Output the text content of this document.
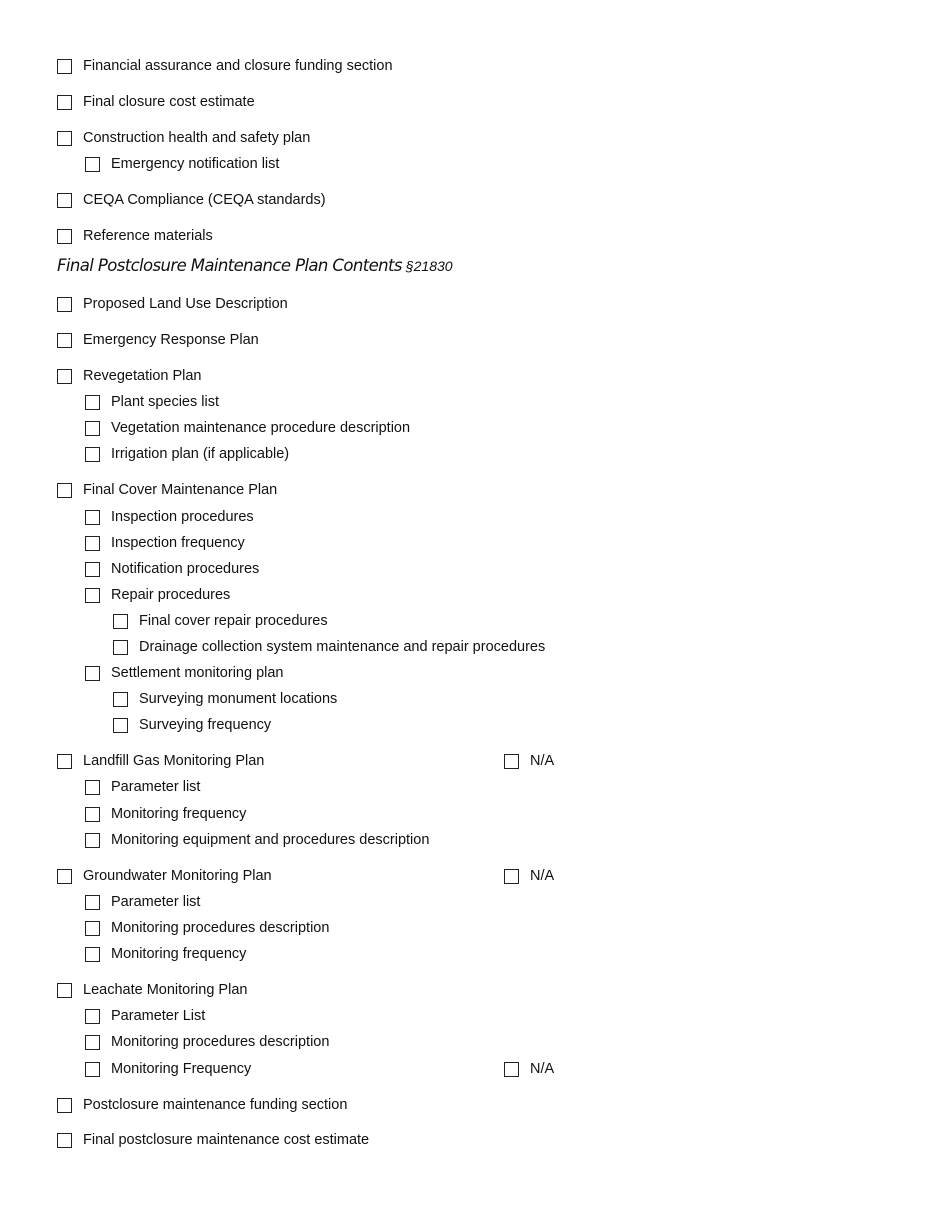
Financial assurance and closure funding section
Final closure cost estimate
Construction health and safety plan
Emergency notification list
CEQA Compliance (CEQA standards)
Reference materials
Final Postclosure Maintenance Plan Contents §21830
Proposed Land Use Description
Emergency Response Plan
Revegetation Plan
Plant species list
Vegetation maintenance procedure description
Irrigation plan (if applicable)
Final Cover Maintenance Plan
Inspection procedures
Inspection frequency
Notification procedures
Repair procedures
Final cover repair procedures
Drainage collection system maintenance and repair procedures
Settlement monitoring plan
Surveying monument locations
Surveying frequency
Landfill Gas Monitoring Plan	N/A
Parameter list
Monitoring frequency
Monitoring equipment and procedures description
Groundwater Monitoring Plan	N/A
Parameter list
Monitoring procedures description
Monitoring frequency
Leachate Monitoring Plan
Parameter List
Monitoring procedures description
Monitoring Frequency	N/A
Postclosure maintenance funding section
Final postclosure maintenance cost estimate
